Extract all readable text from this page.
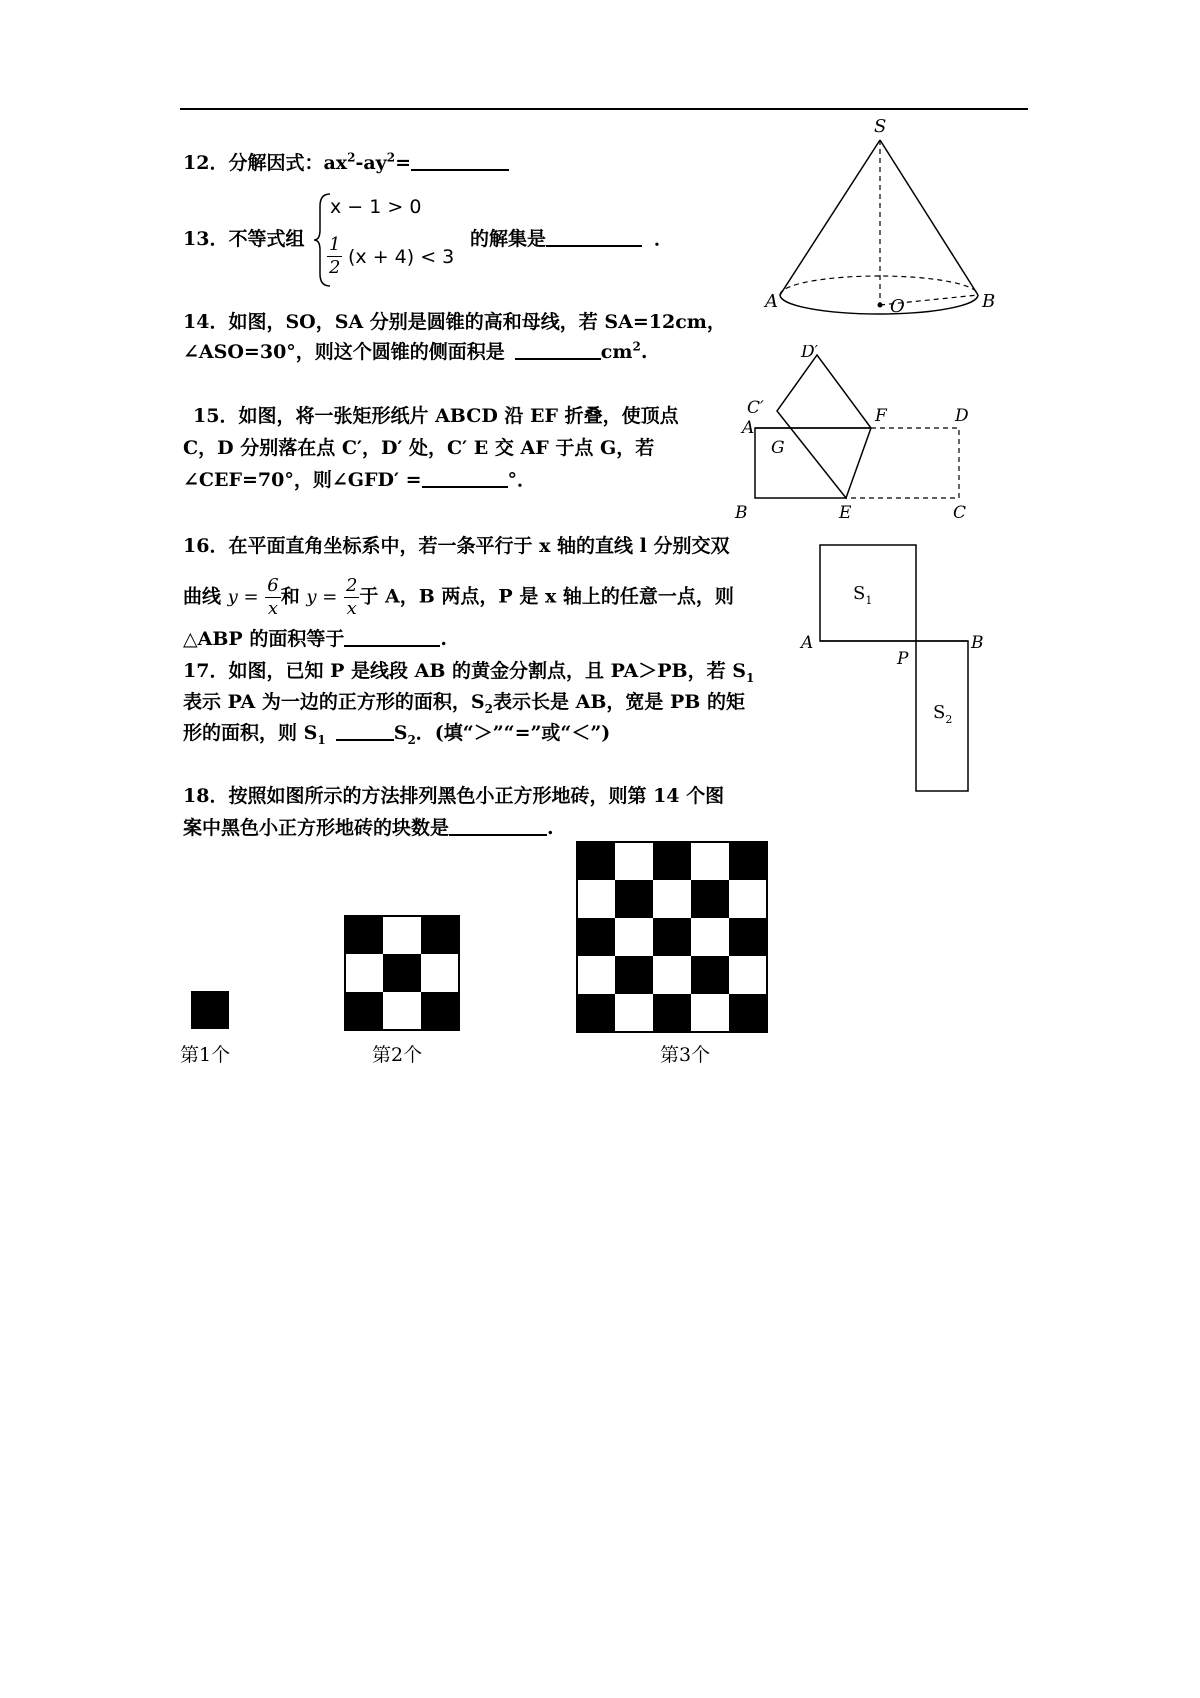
12．分解因式：$ax^2-ay^2=$
13．不等式组
x − 1 > 0
$\frac{1}{2} (x + 4) < 3$
的解集是	．
14．如图，SO，SA 分别是圆锥的高和母线，若 SA=12cm，
∠ASO=30°，则这个圆锥的侧面积是	$cm^2$.
15．如图，将一张矩形纸片 ABCD 沿 EF 折叠，使顶点
C，D 分别落在点 C′，D′ 处，C′ E 交 AF 于点 G，若
∠CEF=70°，则∠GFD′ =	°．
16．在平面直角坐标系中，若一条平行于 x 轴的直线 l 分别交双
曲线 $y = \frac{6}{x}$ 和 $y = \frac{2}{x}$ 于 A，B 两点，P 是 x 轴上的任意一点，则
△ABP 的面积等于	.
17．如图，已知 P 是线段 AB 的黄金分割点，且 PA＞PB，若 $S_1$
表示 PA 为一边的正方形的面积，$S_2$表示长是 AB，宽是 PB 的矩
形的面积，则 $S_1$	$S_2$．(填“＞”“=”或“＜”)
18．按照如图所示的方法排列黑色小正方形地砖，则第 14 个图
案中黑色小正方形地砖的块数是	.
S
A	B
O
A
B	C
D
E
F
G
C′
D′
$S_1$
$S_2$
A	B
P
第1个	第2个	第3个
